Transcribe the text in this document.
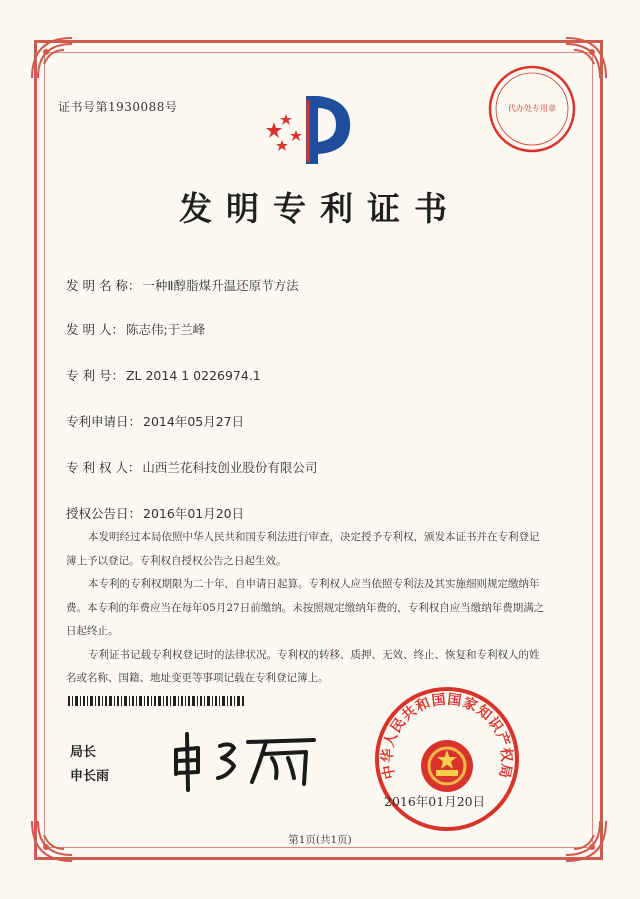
证书号第1930088号
发明专利证书
发 明 名 称： 一种Ⅱ醇脂煤升温还原节方法
发 明 人： 陈志伟;于兰峰
专 利 号： ZL 2014 1 0226974.1
专利申请日： 2014年05月27日
专 利 权 人： 山西兰花科技创业股份有限公司
授权公告日： 2016年01月20日

本发明经过本局依照中华人民共和国专利法进行审查，决定授予专利权，颁发本证书并在专利登记簿上予以登记。专利权自授权公告之日起生效。

本专利的专利权期限为二十年，自申请日起算。专利权人应当依照专利法及其实施细则规定缴纳年费。本专利的年费应当在每年05月27日前缴纳。未按照规定缴纳年费的，专利权自应当缴纳年费期满之日起终止。

专利证书记载专利权登记时的法律状况。专利权的转移、质押、无效、终止、恢复和专利权人的姓名或名称、国籍、地址变更等事项记载在专利登记簿上。

局长
申长雨
代办处专用章
中华人民共和国国家知识产权局
2016年01月20日
第1页(共1页)
